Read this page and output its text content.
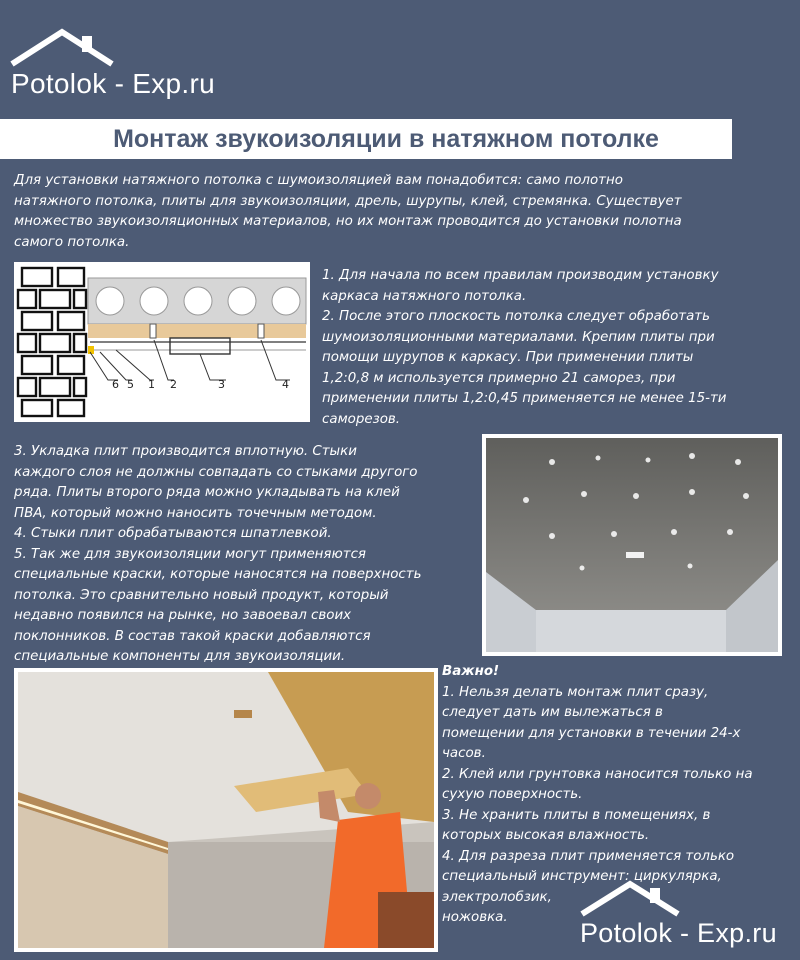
Potolok - Exp.ru
Монтаж звукоизоляции в натяжном потолке

Для установки натяжного потолка с шумоизоляцией вам понадобится: само полотно
натяжного потолка, плиты для звукоизоляции, дрель, шурупы, клей, стремянка. Существует
множество звукоизоляционных материалов, но их монтаж проводится до установки полотна
самого потолка.

6 5 1 2	3	4

1. Для начала по всем правилам производим установку
каркаса натяжного потолка.
2. После этого плоскость потолка следует обработать
шумоизоляционными материалами. Крепим плиты при
помощи шурупов к каркасу. При применении плиты
1,2:0,8 м используется примерно 21 саморез, при
применении плиты 1,2:0,45 применяется не менее 15-ти
саморезов.

3. Укладка плит производится вплотную. Стыки
каждого слоя не должны совпадать со стыками другого
ряда. Плиты второго ряда можно укладывать на клей
ПВА, который можно наносить точечным методом.
4. Стыки плит обрабатываются шпатлевкой.
5. Так же для звукоизоляции могут применяются
специальные краски, которые наносятся на поверхность
потолка. Это сравнительно новый продукт, который
недавно появился на рынке, но завоевал своих
поклонников. В состав такой краски добавляются
специальные компоненты для звукоизоляции.

Важно!
1. Нельзя делать монтаж плит сразу,
следует дать им вылежаться в
помещении для установки в течении 24-х
часов.
2. Клей или грунтовка наносится только на
сухую поверхность.
3. Не хранить плиты в помещениях, в
которых высокая влажность.
4. Для разреза плит применяется только
специальный инструмент: циркулярка,
электролобзик,
ножовка.

Potolok - Exp.ru
